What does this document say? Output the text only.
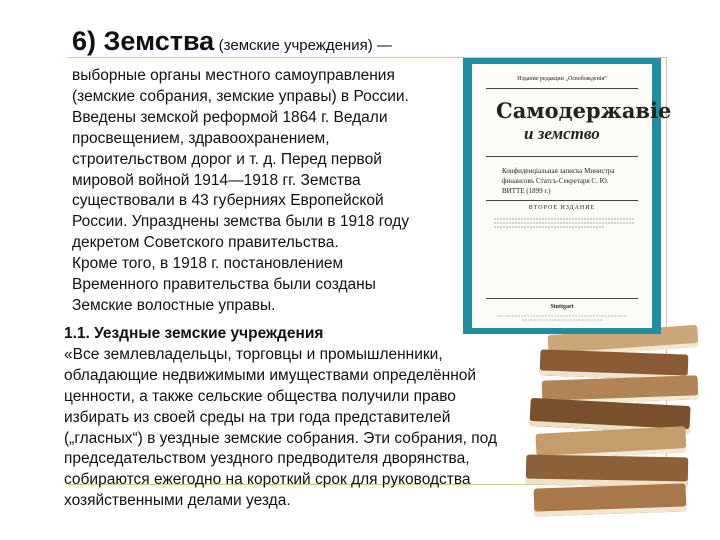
6) Земства (земские учреждения) —

выборные органы местного самоуправления

(земские собрания, земские управы) в России.

Введены земской реформой 1864 г. Ведали

просвещением, здравоохранением,

строительством дорог и т. д. Перед первой

мировой войной 1914—1918 гг. Земства

существовали в 43 губерниях Европейской

России. Упразднены земства были в 1918 году

декретом Советского правительства.

Кроме того, в 1918 г. постановлением

Временного правительства были созданы

Земские волостные управы.

1.1. Уездные земские учреждения

«Все землевладельцы, торговцы и промышленники,

обладающие недвижимыми имуществами определённой

ценности, а также сельские общества получили право

избирать из своей среды на три года представителей

(„гласных“) в уездные земские собрания. Эти собрания, под

председательством уездного предводителя дворянства,

собираются ежегодно на короткий срок для руководства

хозяйственными делами уезда.

Издание редакции „Освобожденія“
Самодержавіе
и земство
Конфиденціальная записка Министра финансовъ Статсъ-Секретаря С. Ю. ВИТТЕ (1899 г.)
ВТОРОЕ ИЗДАНИЕ
Stuttgart
